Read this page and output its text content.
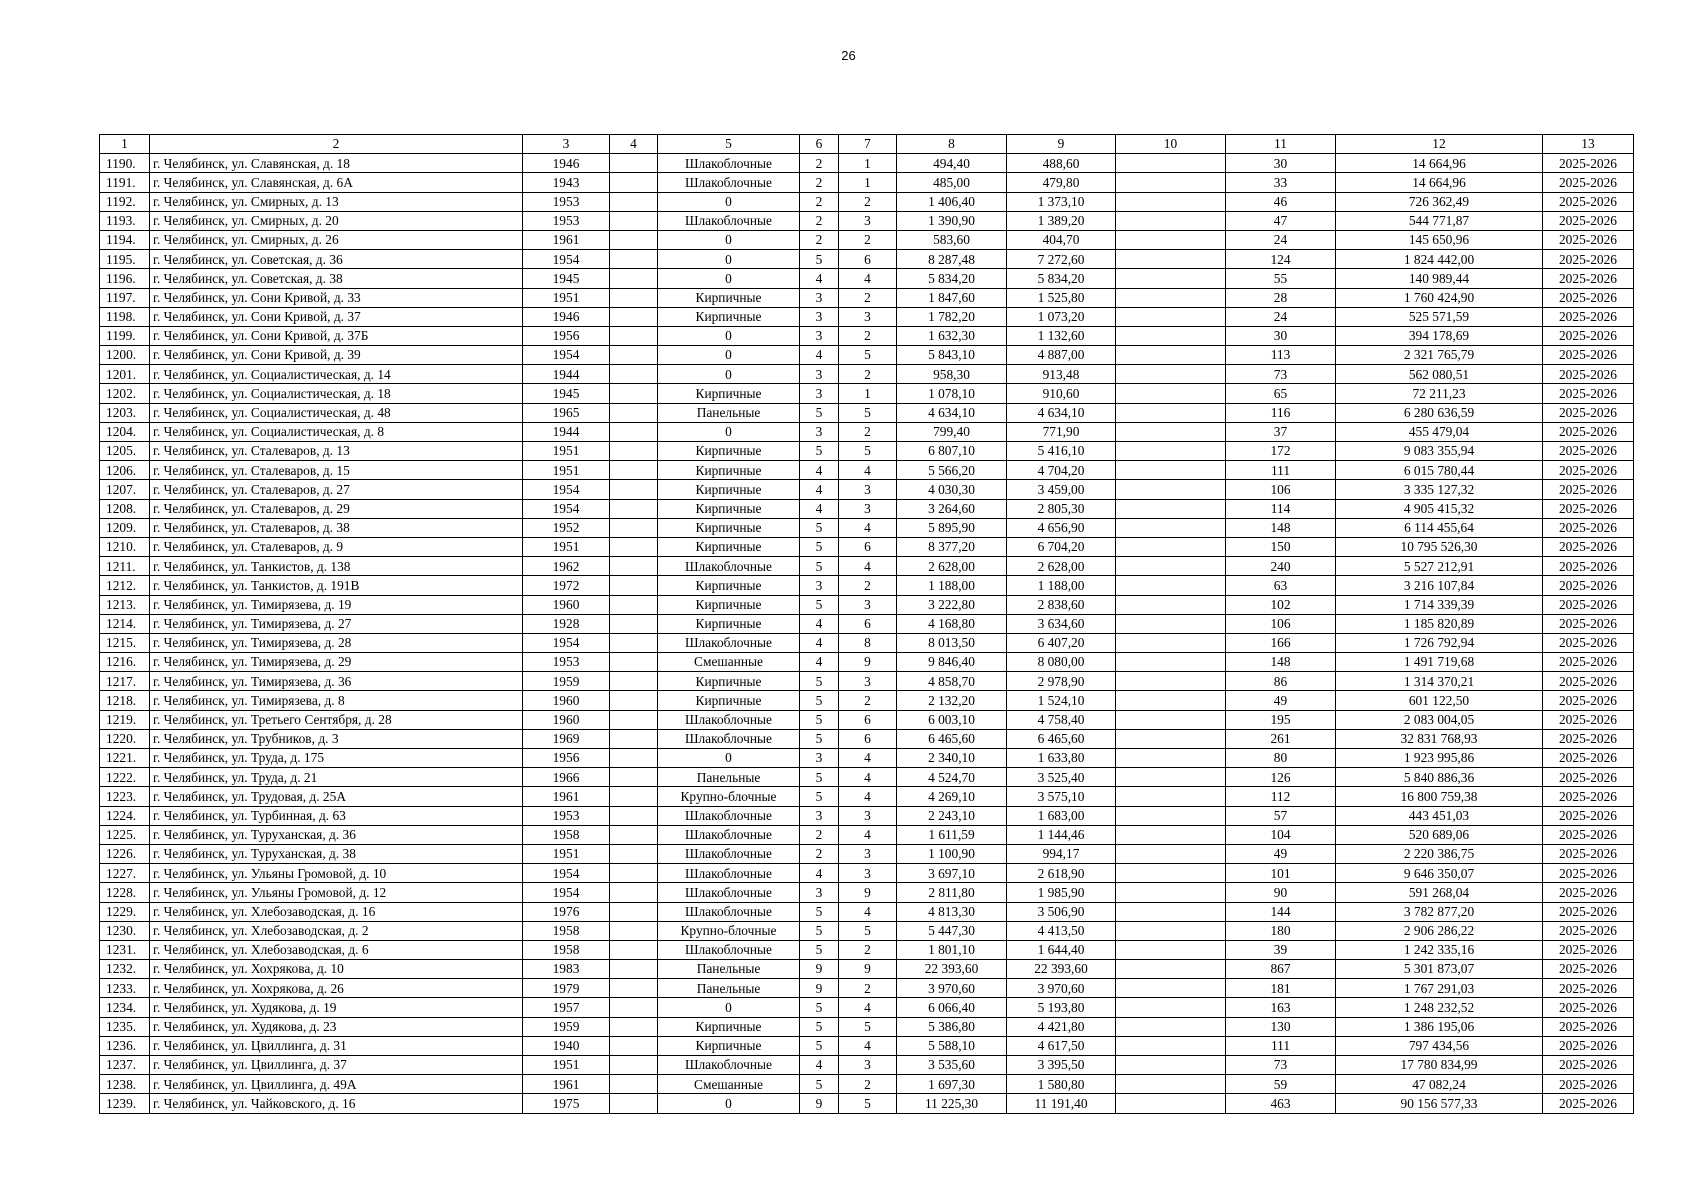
26
1	2	3	4	5	6	7	8	9	10	11	12	13
1190.	г. Челябинск, ул. Славянская, д. 18	1946		Шлакоблочные	2	1	494,40	488,60		30	14 664,96	2025-2026
1191.	г. Челябинск, ул. Славянская, д. 6А	1943		Шлакоблочные	2	1	485,00	479,80		33	14 664,96	2025-2026
1192.	г. Челябинск, ул. Смирных, д. 13	1953		0	2	2	1 406,40	1 373,10		46	726 362,49	2025-2026
1193.	г. Челябинск, ул. Смирных, д. 20	1953		Шлакоблочные	2	3	1 390,90	1 389,20		47	544 771,87	2025-2026
1194.	г. Челябинск, ул. Смирных, д. 26	1961		0	2	2	583,60	404,70		24	145 650,96	2025-2026
1195.	г. Челябинск, ул. Советская, д. 36	1954		0	5	6	8 287,48	7 272,60		124	1 824 442,00	2025-2026
1196.	г. Челябинск, ул. Советская, д. 38	1945		0	4	4	5 834,20	5 834,20		55	140 989,44	2025-2026
1197.	г. Челябинск, ул. Сони Кривой, д. 33	1951		Кирпичные	3	2	1 847,60	1 525,80		28	1 760 424,90	2025-2026
1198.	г. Челябинск, ул. Сони Кривой, д. 37	1946		Кирпичные	3	3	1 782,20	1 073,20		24	525 571,59	2025-2026
1199.	г. Челябинск, ул. Сони Кривой, д. 37Б	1956		0	3	2	1 632,30	1 132,60		30	394 178,69	2025-2026
1200.	г. Челябинск, ул. Сони Кривой, д. 39	1954		0	4	5	5 843,10	4 887,00		113	2 321 765,79	2025-2026
1201.	г. Челябинск, ул. Социалистическая, д. 14	1944		0	3	2	958,30	913,48		73	562 080,51	2025-2026
1202.	г. Челябинск, ул. Социалистическая, д. 18	1945		Кирпичные	3	1	1 078,10	910,60		65	72 211,23	2025-2026
1203.	г. Челябинск, ул. Социалистическая, д. 48	1965		Панельные	5	5	4 634,10	4 634,10		116	6 280 636,59	2025-2026
1204.	г. Челябинск, ул. Социалистическая, д. 8	1944		0	3	2	799,40	771,90		37	455 479,04	2025-2026
1205.	г. Челябинск, ул. Сталеваров, д. 13	1951		Кирпичные	5	5	6 807,10	5 416,10		172	9 083 355,94	2025-2026
1206.	г. Челябинск, ул. Сталеваров, д. 15	1951		Кирпичные	4	4	5 566,20	4 704,20		111	6 015 780,44	2025-2026
1207.	г. Челябинск, ул. Сталеваров, д. 27	1954		Кирпичные	4	3	4 030,30	3 459,00		106	3 335 127,32	2025-2026
1208.	г. Челябинск, ул. Сталеваров, д. 29	1954		Кирпичные	4	3	3 264,60	2 805,30		114	4 905 415,32	2025-2026
1209.	г. Челябинск, ул. Сталеваров, д. 38	1952		Кирпичные	5	4	5 895,90	4 656,90		148	6 114 455,64	2025-2026
1210.	г. Челябинск, ул. Сталеваров, д. 9	1951		Кирпичные	5	6	8 377,20	6 704,20		150	10 795 526,30	2025-2026
1211.	г. Челябинск, ул. Танкистов, д. 138	1962		Шлакоблочные	5	4	2 628,00	2 628,00		240	5 527 212,91	2025-2026
1212.	г. Челябинск, ул. Танкистов, д. 191В	1972		Кирпичные	3	2	1 188,00	1 188,00		63	3 216 107,84	2025-2026
1213.	г. Челябинск, ул. Тимирязева, д. 19	1960		Кирпичные	5	3	3 222,80	2 838,60		102	1 714 339,39	2025-2026
1214.	г. Челябинск, ул. Тимирязева, д. 27	1928		Кирпичные	4	6	4 168,80	3 634,60		106	1 185 820,89	2025-2026
1215.	г. Челябинск, ул. Тимирязева, д. 28	1954		Шлакоблочные	4	8	8 013,50	6 407,20		166	1 726 792,94	2025-2026
1216.	г. Челябинск, ул. Тимирязева, д. 29	1953		Смешанные	4	9	9 846,40	8 080,00		148	1 491 719,68	2025-2026
1217.	г. Челябинск, ул. Тимирязева, д. 36	1959		Кирпичные	5	3	4 858,70	2 978,90		86	1 314 370,21	2025-2026
1218.	г. Челябинск, ул. Тимирязева, д. 8	1960		Кирпичные	5	2	2 132,20	1 524,10		49	601 122,50	2025-2026
1219.	г. Челябинск, ул. Третьего Сентября, д. 28	1960		Шлакоблочные	5	6	6 003,10	4 758,40		195	2 083 004,05	2025-2026
1220.	г. Челябинск, ул. Трубников, д. 3	1969		Шлакоблочные	5	6	6 465,60	6 465,60		261	32 831 768,93	2025-2026
1221.	г. Челябинск, ул. Труда, д. 175	1956		0	3	4	2 340,10	1 633,80		80	1 923 995,86	2025-2026
1222.	г. Челябинск, ул. Труда, д. 21	1966		Панельные	5	4	4 524,70	3 525,40		126	5 840 886,36	2025-2026
1223.	г. Челябинск, ул. Трудовая, д. 25А	1961		Крупно-блочные	5	4	4 269,10	3 575,10		112	16 800 759,38	2025-2026
1224.	г. Челябинск, ул. Турбинная, д. 63	1953		Шлакоблочные	3	3	2 243,10	1 683,00		57	443 451,03	2025-2026
1225.	г. Челябинск, ул. Туруханская, д. 36	1958		Шлакоблочные	2	4	1 611,59	1 144,46		104	520 689,06	2025-2026
1226.	г. Челябинск, ул. Туруханская, д. 38	1951		Шлакоблочные	2	3	1 100,90	994,17		49	2 220 386,75	2025-2026
1227.	г. Челябинск, ул. Ульяны Громовой, д. 10	1954		Шлакоблочные	4	3	3 697,10	2 618,90		101	9 646 350,07	2025-2026
1228.	г. Челябинск, ул. Ульяны Громовой, д. 12	1954		Шлакоблочные	3	9	2 811,80	1 985,90		90	591 268,04	2025-2026
1229.	г. Челябинск, ул. Хлебозаводская, д. 16	1976		Шлакоблочные	5	4	4 813,30	3 506,90		144	3 782 877,20	2025-2026
1230.	г. Челябинск, ул. Хлебозаводская, д. 2	1958		Крупно-блочные	5	5	5 447,30	4 413,50		180	2 906 286,22	2025-2026
1231.	г. Челябинск, ул. Хлебозаводская, д. 6	1958		Шлакоблочные	5	2	1 801,10	1 644,40		39	1 242 335,16	2025-2026
1232.	г. Челябинск, ул. Хохрякова, д. 10	1983		Панельные	9	9	22 393,60	22 393,60		867	5 301 873,07	2025-2026
1233.	г. Челябинск, ул. Хохрякова, д. 26	1979		Панельные	9	2	3 970,60	3 970,60		181	1 767 291,03	2025-2026
1234.	г. Челябинск, ул. Худякова, д. 19	1957		0	5	4	6 066,40	5 193,80		163	1 248 232,52	2025-2026
1235.	г. Челябинск, ул. Худякова, д. 23	1959		Кирпичные	5	5	5 386,80	4 421,80		130	1 386 195,06	2025-2026
1236.	г. Челябинск, ул. Цвиллинга, д. 31	1940		Кирпичные	5	4	5 588,10	4 617,50		111	797 434,56	2025-2026
1237.	г. Челябинск, ул. Цвиллинга, д. 37	1951		Шлакоблочные	4	3	3 535,60	3 395,50		73	17 780 834,99	2025-2026
1238.	г. Челябинск, ул. Цвиллинга, д. 49А	1961		Смешанные	5	2	1 697,30	1 580,80		59	47 082,24	2025-2026
1239.	г. Челябинск, ул. Чайковского, д. 16	1975		0	9	5	11 225,30	11 191,40		463	90 156 577,33	2025-2026
